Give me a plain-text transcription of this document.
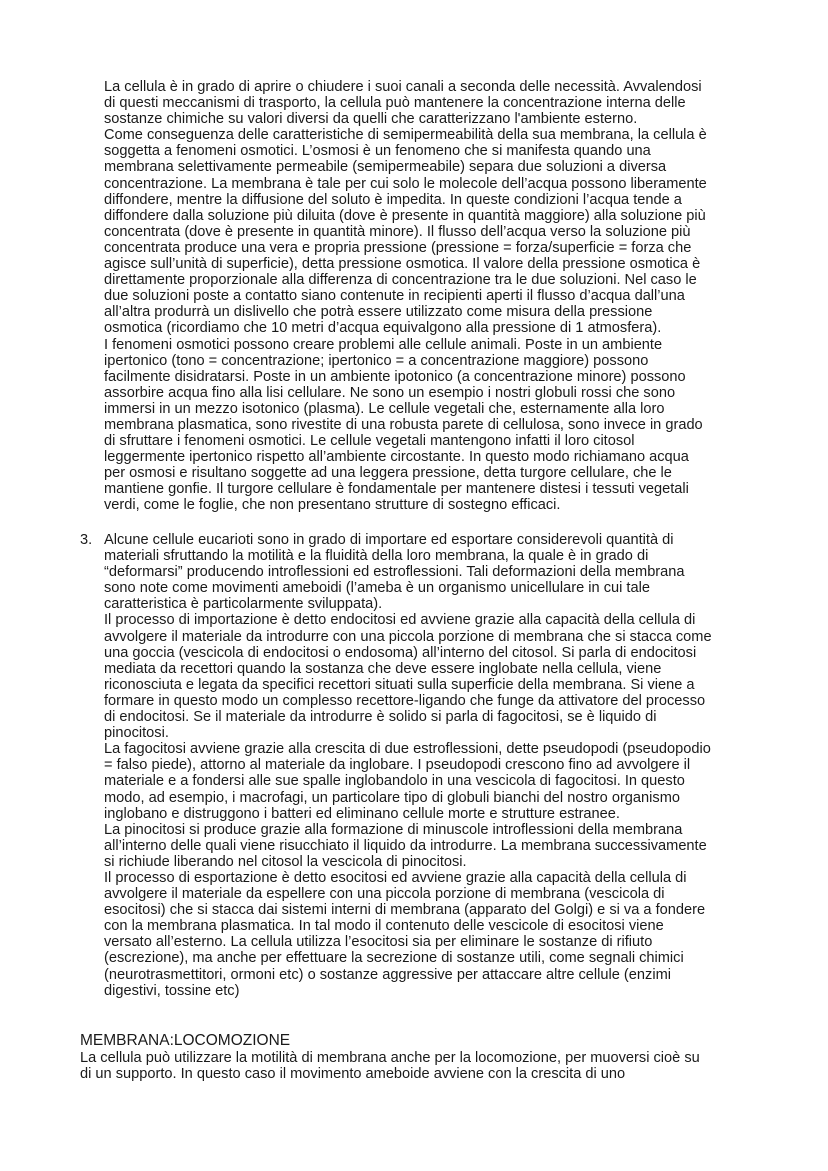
La cellula è in grado di aprire o chiudere i suoi canali a seconda delle necessità. Avvalendosi
di questi meccanismi di trasporto, la cellula può mantenere la concentrazione interna delle
sostanze chimiche su valori diversi da quelli che caratterizzano l'ambiente esterno.

Come conseguenza delle caratteristiche di semipermeabilità della sua membrana, la cellula è
soggetta a fenomeni osmotici. L’osmosi è un fenomeno che si manifesta quando una
membrana selettivamente permeabile (semipermeabile) separa due soluzioni a diversa
concentrazione. La membrana è tale per cui solo le molecole dell’acqua possono liberamente
diffondere, mentre la diffusione del soluto è impedita. In queste condizioni l’acqua tende a
diffondere dalla soluzione più diluita (dove è presente in quantità maggiore) alla soluzione più
concentrata (dove è presente in quantità minore). Il flusso dell’acqua verso la soluzione più
concentrata produce una vera e propria pressione (pressione = forza/superficie = forza che
agisce sull’unità di superficie), detta pressione osmotica. Il valore della pressione osmotica è
direttamente proporzionale alla differenza di concentrazione tra le due soluzioni. Nel caso le
due soluzioni poste a contatto siano contenute in recipienti aperti il flusso d’acqua dall’una
all’altra produrrà un dislivello che potrà essere utilizzato come misura della pressione
osmotica (ricordiamo che 10 metri d’acqua equivalgono alla pressione di 1 atmosfera).

I fenomeni osmotici possono creare problemi alle cellule animali. Poste in un ambiente
ipertonico (tono = concentrazione; ipertonico = a concentrazione maggiore) possono
facilmente disidratarsi. Poste in un ambiente ipotonico (a concentrazione minore) possono
assorbire acqua fino alla lisi cellulare. Ne sono un esempio i nostri globuli rossi che sono
immersi in un mezzo isotonico (plasma). Le cellule vegetali che, esternamente alla loro
membrana plasmatica, sono rivestite di una robusta parete di cellulosa, sono invece in grado
di sfruttare i fenomeni osmotici. Le cellule vegetali mantengono infatti il loro citosol
leggermente ipertonico rispetto all’ambiente circostante. In questo modo richiamano acqua
per osmosi e risultano soggette ad una leggera pressione, detta turgore cellulare, che le
mantiene gonfie. Il turgore cellulare è fondamentale per mantenere distesi i tessuti vegetali
verdi, come le foglie, che non presentano strutture di sostegno efficaci.

3. Alcune cellule eucarioti sono in grado di importare ed esportare considerevoli quantità di
materiali sfruttando la motilità e la fluidità della loro membrana, la quale è in grado di
“deformarsi” producendo introflessioni ed estroflessioni. Tali deformazioni della membrana
sono note come movimenti ameboidi (l’ameba è un organismo unicellulare in cui tale
caratteristica è particolarmente sviluppata).

Il processo di importazione è detto endocitosi ed avviene grazie alla capacità della cellula di
avvolgere il materiale da introdurre con una piccola porzione di membrana che si stacca come
una goccia (vescicola di endocitosi o endosoma) all’interno del citosol. Si parla di endocitosi
mediata da recettori quando la sostanza che deve essere inglobate nella cellula, viene
riconosciuta e legata da specifici recettori situati sulla superficie della membrana. Si viene a
formare in questo modo un complesso recettore-ligando che funge da attivatore del processo
di endocitosi. Se il materiale da introdurre è solido si parla di fagocitosi, se è liquido di
pinocitosi.

La fagocitosi avviene grazie alla crescita di due estroflessioni, dette pseudopodi (pseudopodio
= falso piede), attorno al materiale da inglobare. I pseudopodi crescono fino ad avvolgere il
materiale e a fondersi alle sue spalle inglobandolo in una vescicola di fagocitosi. In questo
modo, ad esempio, i macrofagi, un particolare tipo di globuli bianchi del nostro organismo
inglobano e distruggono i batteri ed eliminano cellule morte e strutture estranee.

La pinocitosi si produce grazie alla formazione di minuscole introflessioni della membrana
all’interno delle quali viene risucchiato il liquido da introdurre. La membrana successivamente
si richiude liberando nel citosol la vescicola di pinocitosi.

Il processo di esportazione è detto esocitosi ed avviene grazie alla capacità della cellula di
avvolgere il materiale da espellere con una piccola porzione di membrana (vescicola di
esocitosi) che si stacca dai sistemi interni di membrana (apparato del Golgi) e si va a fondere
con la membrana plasmatica. In tal modo il contenuto delle vescicole di esocitosi viene
versato all’esterno. La cellula utilizza l’esocitosi sia per eliminare le sostanze di rifiuto
(escrezione), ma anche per effettuare la secrezione di sostanze utili, come segnali chimici
(neurotrasmettitori, ormoni etc) o sostanze aggressive per attaccare altre cellule (enzimi
digestivi, tossine etc)

MEMBRANA:LOCOMOZIONE

La cellula può utilizzare la motilità di membrana anche per la locomozione, per muoversi cioè su
di un supporto. In questo caso il movimento ameboide avviene con la crescita di uno
